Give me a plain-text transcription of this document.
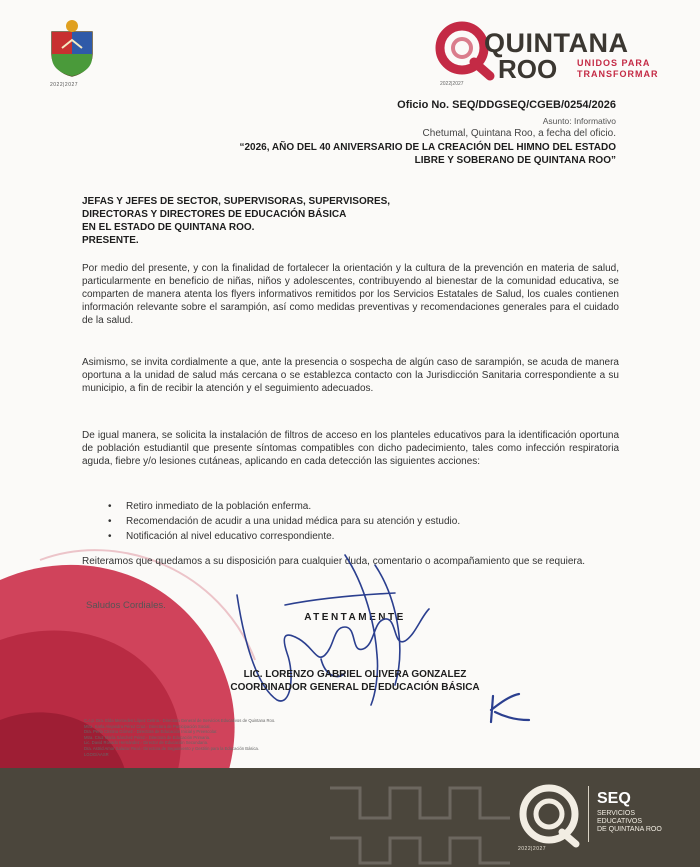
2022|2027
SEQ
SERVICIOS
EDUCATIVOS
DE QUINTANA ROO
2022|2027	2022|2027
QUINTANA
ROO UNIDOS PARA
TRANSFORMAR
Oficio No. SEQ/DDGSEQ/CGEB/0254/2026
Asunto: Informativo
Chetumal, Quintana Roo, a fecha del oficio.
“2026, AÑO DEL 40 ANIVERSARIO DE LA CREACIÓN DEL HIMNO DEL ESTADO LIBRE Y SOBERANO DE QUINTANA ROO”
JEFAS Y JEFES DE SECTOR, SUPERVISORAS, SUPERVISORES,
DIRECTORAS Y DIRECTORES DE EDUCACIÓN BÁSICA
EN EL ESTADO DE QUINTANA ROO.
PRESENTE.
Por medio del presente, y con la finalidad de fortalecer la orientación y la cultura de la prevención en materia de salud, particularmente en beneficio de niñas, niños y adolescentes, contribuyendo al bienestar de la comunidad educativa, se comparten de manera atenta los flyers informativos remitidos por los Servicios Estatales de Salud, los cuales contienen información relevante sobre el sarampión, así como medidas preventivas y recomendaciones generales para el cuidado de la salud.
Asimismo, se invita cordialmente a que, ante la presencia o sospecha de algún caso de sarampión, se acuda de manera oportuna a la unidad de salud más cercana o se establezca contacto con la Jurisdicción Sanitaria correspondiente a su municipio, a fin de recibir la atención y el seguimiento adecuados.
De igual manera, se solicita la instalación de filtros de acceso en los planteles educativos para la identificación oportuna de población estudiantil que presente síntomas compatibles con dicho padecimiento, tales como infección respiratoria aguda, fiebre y/o lesiones cutáneas, aplicando en cada detección las siguientes acciones:
• Retiro inmediato de la población enferma.
• Recomendación de acudir a una unidad médica para su atención y estudio.
• Notificación al nivel educativo correspondiente.
Reiteramos que quedamos a su disposición para cualquier duda, comentario o acompañamiento que se requiera.
Saludos Cordiales.
ATENTAMENTE
LIC. LORENZO GABRIEL OLIVERA GONZALEZ
COORDINADOR GENERAL DE EDUCACIÓN BÁSICA
C.c.p. Dra. Elda Mercedes López Cetina.- Directora General de Servicios Educativos de Quintana Roo.
Mtra. Karla Alejandra Pérez Cruz.- Directora de Participación Social.
Dra. Perla Cristina Gómez.- Directora de Educación Inicial y Preescolar.
Mtra. Cruz María Sánchez Pérez.- Directora de Educación Primaria.
Lic. David Rosado Hernández.- Director de Educación Secundaria.
Dra. Astrid Amor Salazar Real.- Directora de Seguimiento y Gestión para la Educación Básica.
LGOG/AASR
